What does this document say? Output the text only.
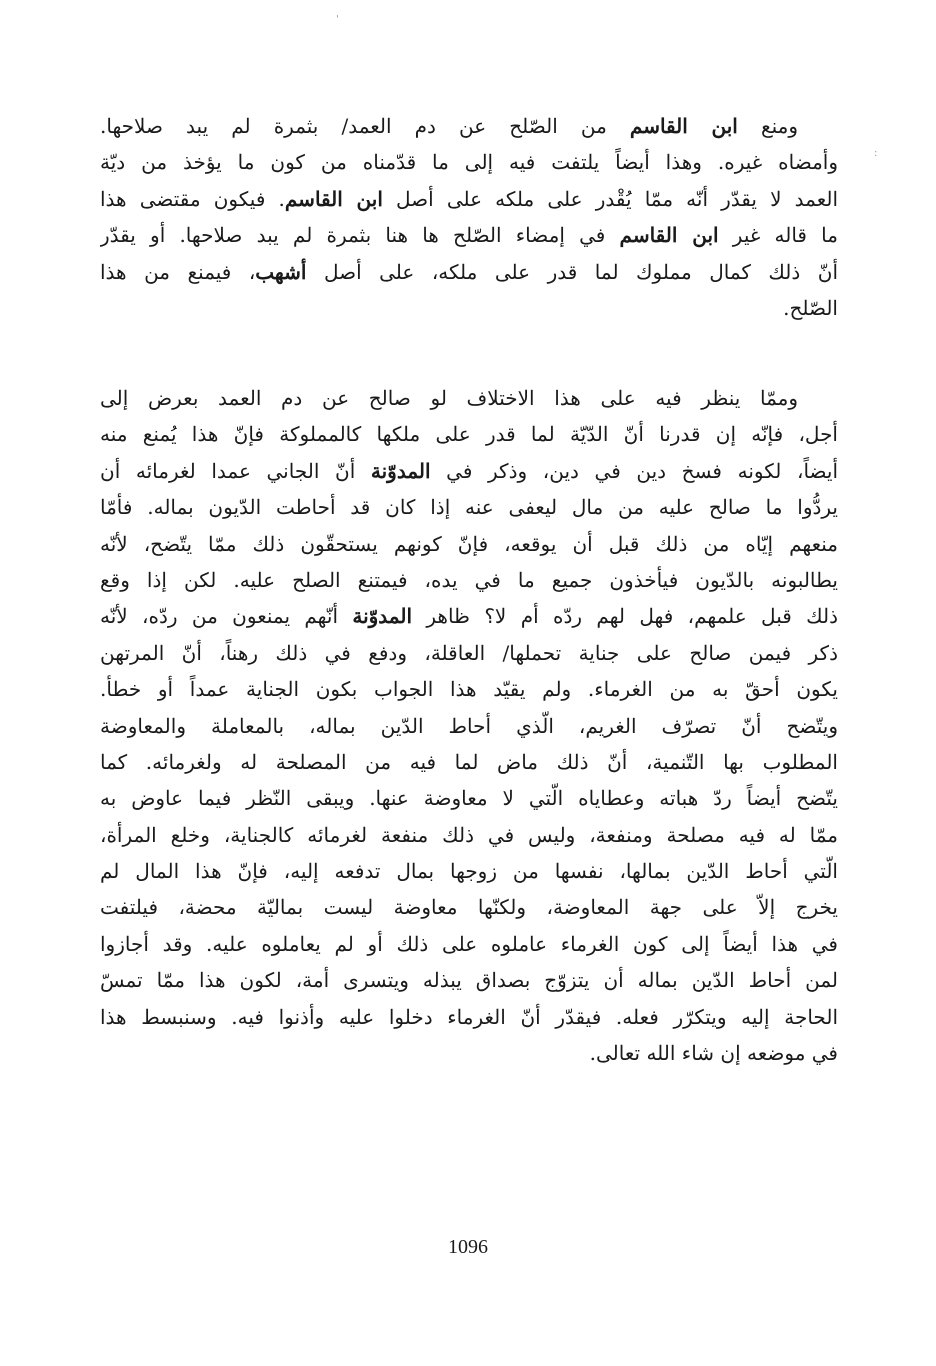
'
:
ومنع ابن القاسم من الصّلح عن دم العمد/ بثمرة لم يبد صلاحها.
وأمضاه غيره. وهذا أيضاً يلتفت فيه إلى ما قدّمناه من كون ما يؤخذ من ديّة
العمد لا يقدّر أنّه ممّا يُقْدر على ملكه على أصل ابن القاسم. فيكون مقتضى هذا
ما قاله غير ابن القاسم في إمضاء الصّلح ها هنا بثمرة لم يبد صلاحها. أو يقدّر
أنّ ذلك كمال مملوك لما قدر على ملكه، على أصل أشهب، فيمنع من هذا
الصّلح.
وممّا ينظر فيه على هذا الاختلاف لو صالح عن دم العمد بعرض إلى
أجل، فإنّه إن قدرنا أنّ الدّيّة لما قدر على ملكها كالمملوكة فإنّ هذا يُمنع منه
أيضاً، لكونه فسخ دين في دين، وذكر في المدوّنة أنّ الجاني عمدا لغرمائه أن
يردُّوا ما صالح عليه من مال ليعفى عنه إذا كان قد أحاطت الدّيون بماله. فأمّا
منعهم إيّاه من ذلك قبل أن يوقعه، فإنّ كونهم يستحقّون ذلك ممّا يتّضح، لأنّه
يطالبونه بالدّيون فيأخذون جميع ما في يده، فيمتنع الصلح عليه. لكن إذا وقع
ذلك قبل علمهم، فهل لهم ردّه أم لا؟ ظاهر المدوّنة أنّهم يمنعون من ردّه، لأنّه
ذكر فيمن صالح على جناية تحملها/ العاقلة، ودفع في ذلك رهناً، أنّ المرتهن
يكون أحقّ به من الغرماء. ولم يقيّد هذا الجواب بكون الجناية عمداً أو خطأ.
ويتّضح أنّ تصرّف الغريم، الّذي أحاط الدّين بماله، بالمعاملة والمعاوضة
المطلوب بها التّنمية، أنّ ذلك ماض لما فيه من المصلحة له ولغرمائه. كما
يتّضح أيضاً ردّ هباته وعطاياه الّتي لا معاوضة عنها. ويبقى النّظر فيما عاوض به
ممّا له فيه مصلحة ومنفعة، وليس في ذلك منفعة لغرمائه كالجناية، وخلع المرأة،
الّتي أحاط الدّين بمالها، نفسها من زوجها بمال تدفعه إليه، فإنّ هذا المال لم
يخرج إلاّ على جهة المعاوضة، ولكنّها معاوضة ليست بماليّة محضة، فيلتفت
في هذا أيضاً إلى كون الغرماء عاملوه على ذلك أو لم يعاملوه عليه. وقد أجازوا
لمن أحاط الدّين بماله أن يتزوّج بصداق يبذله ويتسرى أمة، لكون هذا ممّا تمسّ
الحاجة إليه ويتكرّر فعله. فيقدّر أنّ الغرماء دخلوا عليه وأذنوا فيه. وسنبسط هذا
في موضعه إن شاء الله تعالى.
1096
